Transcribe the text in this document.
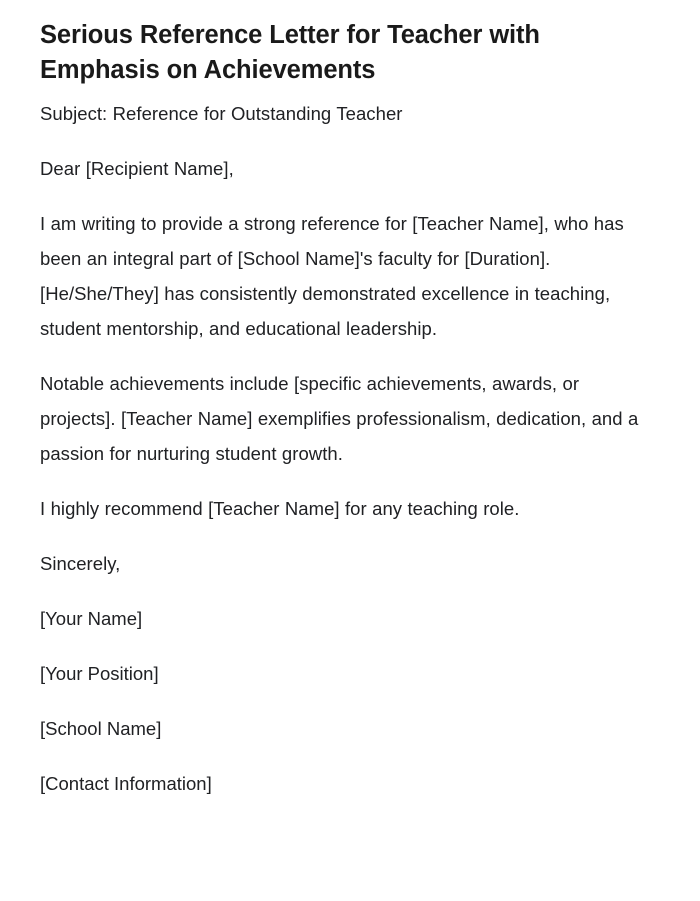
Serious Reference Letter for Teacher with Emphasis on Achievements

Subject: Reference for Outstanding Teacher

Dear [Recipient Name],

I am writing to provide a strong reference for [Teacher Name], who has been an integral part of [School Name]'s faculty for [Duration]. [He/She/They] has consistently demonstrated excellence in teaching, student mentorship, and educational leadership.

Notable achievements include [specific achievements, awards, or projects]. [Teacher Name] exemplifies professionalism, dedication, and a passion for nurturing student growth.

I highly recommend [Teacher Name] for any teaching role.

Sincerely,

[Your Name]

[Your Position]

[School Name]

[Contact Information]
